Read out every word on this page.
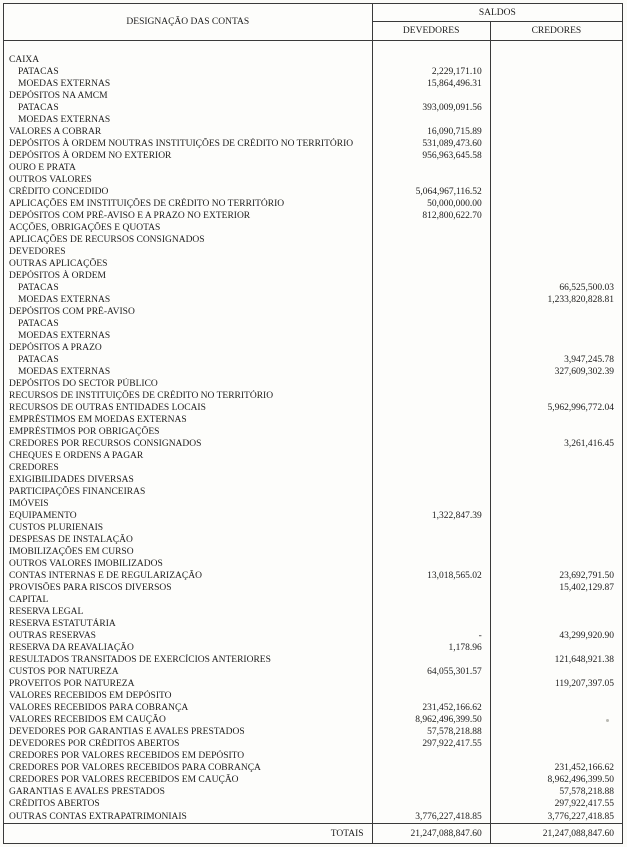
DESIGNAÇÃO DAS CONTAS	SALDOS	
	DEVEDORES	CREDORES
CAIXA		
PATACAS	2,229,171.10	
MOEDAS EXTERNAS	15,864,496.31	
DEPÓSITOS NA AMCM		
PATACAS	393,009,091.56	
MOEDAS EXTERNAS		
VALORES A COBRAR	16,090,715.89	
DEPÓSITOS À ORDEM NOUTRAS INSTITUIÇÕES DE CRÉDITO NO TERRITÓRIO	531,089,473.60	
DEPÓSITOS À ORDEM NO EXTERIOR	956,963,645.58	
OURO E PRATA		
OUTROS VALORES		
CRÉDITO CONCEDIDO	5,064,967,116.52	
APLICAÇÕES EM INSTITUIÇÕES DE CRÉDITO NO TERRITÓRIO	50,000,000.00	
DEPÓSITOS COM PRÉ-AVISO E A PRAZO NO EXTERIOR	812,800,622.70	
ACÇÕES, OBRIGAÇÕES E QUOTAS		
APLICAÇÕES DE RECURSOS CONSIGNADOS		
DEVEDORES		
OUTRAS APLICAÇÕES		
DEPÓSITOS À ORDEM		
PATACAS		66,525,500.03
MOEDAS EXTERNAS		1,233,820,828.81
DEPÓSITOS COM PRÉ-AVISO		
PATACAS		
MOEDAS EXTERNAS		
DEPÓSITOS A PRAZO		
PATACAS		3,947,245.78
MOEDAS EXTERNAS		327,609,302.39
DEPÓSITOS DO SECTOR PÚBLICO		
RECURSOS DE INSTITUIÇÕES DE CRÉDITO NO TERRITÓRIO		
RECURSOS DE OUTRAS ENTIDADES LOCAIS		5,962,996,772.04
EMPRÉSTIMOS EM MOEDAS EXTERNAS		
EMPRÉSTIMOS POR OBRIGAÇÕES		
CREDORES POR RECURSOS CONSIGNADOS		3,261,416.45
CHEQUES E ORDENS A PAGAR		
CREDORES		
EXIGIBILIDADES DIVERSAS		
PARTICIPAÇÕES FINANCEIRAS		
IMÓVEIS		
EQUIPAMENTO	1,322,847.39	
CUSTOS PLURIENAIS		
DESPESAS DE INSTALAÇÃO		
IMOBILIZAÇÕES EM CURSO		
OUTROS VALORES IMOBILIZADOS		
CONTAS INTERNAS E DE REGULARIZAÇÃO	13,018,565.02	23,692,791.50
PROVISÕES PARA RISCOS DIVERSOS		15,402,129.87
CAPITAL		
RESERVA LEGAL		
RESERVA ESTATUTÁRIA		
OUTRAS RESERVAS	-	43,299,920.90
RESERVA DA REAVALIAÇÃO	1,178.96	
RESULTADOS TRANSITADOS DE EXERCÍCIOS ANTERIORES		121,648,921.38
CUSTOS POR NATUREZA	64,055,301.57	
PROVEITOS POR NATUREZA		119,207,397.05
VALORES RECEBIDOS EM DEPÓSITO		
VALORES RECEBIDOS PARA COBRANÇA	231,452,166.62	
VALORES RECEBIDOS EM CAUÇÃO	8,962,496,399.50	
DEVEDORES POR GARANTIAS E AVALES PRESTADOS	57,578,218.88	
DEVEDORES POR CRÉDITOS ABERTOS	297,922,417.55	
CREDORES POR VALORES RECEBIDOS EM DEPÓSITO		
CREDORES POR VALORES RECEBIDOS PARA COBRANÇA		231,452,166.62
CREDORES POR VALORES RECEBIDOS EM CAUÇÃO		8,962,496,399.50
GARANTIAS E AVALES PRESTADOS		57,578,218.88
CRÉDITOS ABERTOS		297,922,417.55
OUTRAS CONTAS EXTRAPATRIMONIAIS	3,776,227,418.85	3,776,227,418.85
TOTAIS	21,247,088,847.60	21,247,088,847.60
